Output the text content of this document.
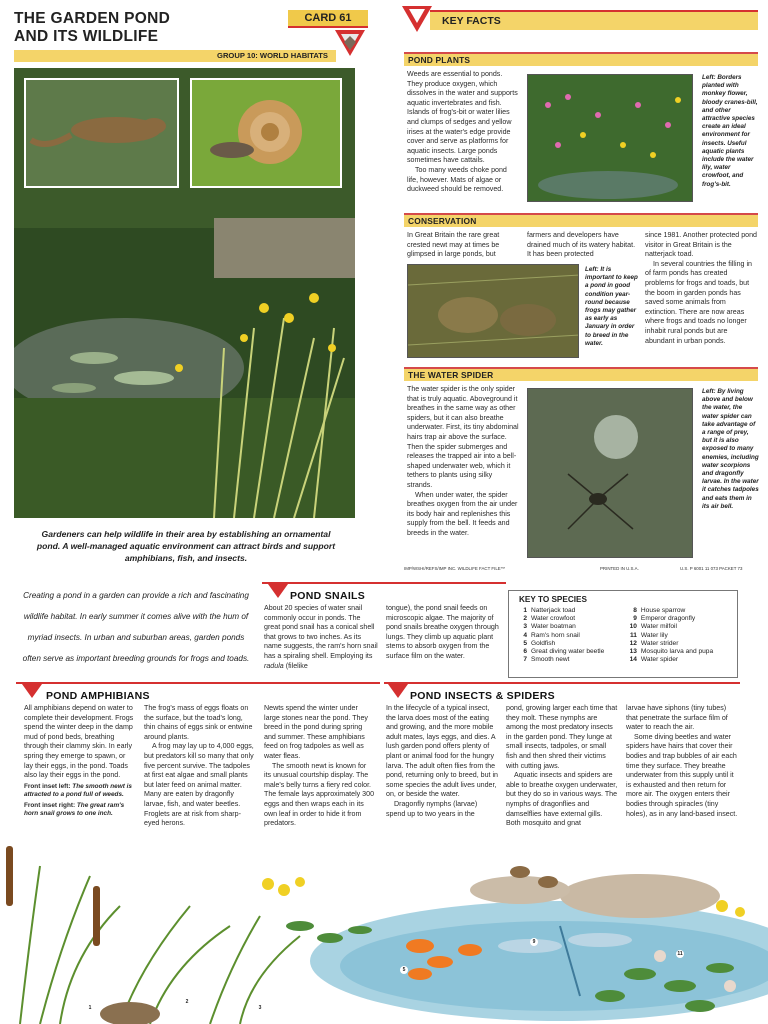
THE GARDEN POND
AND ITS WILDLIFE
CARD 61
GROUP 10: WORLD HABITATS
Gardeners can help wildlife in their area by establishing an ornamental pond. A well-managed aquatic environment can attract birds and support amphibians, fish, and insects.
Creating a pond in a garden can provide a rich and fascinating wildlife habitat. In early summer it comes alive with the hum of myriad insects. In urban and suburban areas, garden ponds often serve as important breeding grounds for frogs and toads.
KEY FACTS
POND PLANTS

Weeds are essential to ponds. They produce oxygen, which dissolves in the water and supports aquatic invertebrates and fish. Islands of frog's-bit or water lilies and clumps of sedges and yellow irises at the water's edge provide cover and serve as platforms for aquatic insects. Large ponds sometimes have cattails.

Too many weeds choke pond life, however. Mats of algae or duckweed should be removed.

Left: Borders planted with monkey flower, bloody cranes-bill, and other attractive species create an ideal environment for insects. Useful aquatic plants include the water lily, water crowfoot, and frog's-bit.
CONSERVATION
In Great Britain the rare great crested newt may at times be glimpsed in large ponds, but
farmers and developers have drained much of its watery habitat. It has been protected

since 1981. Another protected pond visitor in Great Britain is the natterjack toad.

In several countries the filling in of farm ponds has created problems for frogs and toads, but the boom in garden ponds has saved some animals from extinction. There are now areas where frogs and toads no longer inhabit rural ponds but are abundant in urban ponds.

Left: It is important to keep a pond in good condition year-round because frogs may gather as early as January in order to breed in the water.
THE WATER SPIDER

The water spider is the only spider that is truly aquatic. Aboveground it breathes in the same way as other spiders, but it can also breathe underwater. First, its tiny abdominal hairs trap air above the surface. Then the spider submerges and releases the trapped air into a bell-shaped underwater web, which it tethers to plants using silky strands.

When under water, the spider breathes oxygen from the air under its body hair and replenishes this supply from the bell. It feeds and breeds in the water.

Left: By living above and below the water, the water spider can take advantage of a range of prey, but it is also exposed to many enemies, including water scorpions and dragonfly larvae. In the water it catches tadpoles and eats them in its air bell.
IMP/WSHI/REFS/IMP INC. WILDLIFE FACT FILE™	PRINTED IN U.S.A.	U.S. P 6001 11 073 PACKET 73
POND SNAILS
About 20 species of water snail commonly occur in ponds. The great pond snail has a conical shell that grows to two inches. As its name suggests, the ram's horn snail has a spiraling shell. Employing its radula (filelike
tongue), the pond snail feeds on microscopic algae. The majority of pond snails breathe oxygen through lungs. They climb up aquatic plant stems to absorb oxygen from the surface film on the water.
KEY TO SPECIES
1 Natterjack toad
2 Water crowfoot
3 Water boatman
4 Ram's horn snail
5 Goldfish
6 Great diving water beetle
7 Smooth newt
8 House sparrow
9 Emperor dragonfly
10 Water milfoil
11 Water lily
12 Water strider
13 Mosquito larva and pupa
14 Water spider
POND AMPHIBIANS
All amphibians depend on water to complete their development. Frogs spend the winter deep in the damp mud of pond beds, breathing through their clammy skin. In early spring they emerge to spawn, or lay their eggs, in the pond. Toads also lay their eggs in the pond.
Front inset left: The smooth newt is attracted to a pond full of weeds.
Front inset right: The great ram's horn snail grows to one inch.

The frog's mass of eggs floats on the surface, but the toad's long, thin chains of eggs sink or entwine around plants.

A frog may lay up to 4,000 eggs, but predators kill so many that only five percent survive. The tadpoles at first eat algae and small plants but later feed on animal matter. Many are eaten by dragonfly larvae, fish, and water beetles. Froglets are at risk from sharp-eyed herons.

Newts spend the winter under large stones near the pond. They breed in the pond during spring and summer. These amphibians feed on frog tadpoles as well as water fleas.

The smooth newt is known for its unusual courtship display. The male's belly turns a fiery red color. The female lays approximately 300 eggs and then wraps each in its own leaf in order to hide it from predators.

POND INSECTS & SPIDERS

In the lifecycle of a typical insect, the larva does most of the eating and growing, and the more mobile adult mates, lays eggs, and dies. A lush garden pond offers plenty of plant or animal food for the hungry larva. The adult often flies from the pond, returning only to breed, but in some species the adult lives under, on, or beside the water.

Dragonfly nymphs (larvae) spend up to two years in the

pond, growing larger each time that they molt. These nymphs are among the most predatory insects in the garden pond. They lunge at small insects, tadpoles, or small fish and then shred their victims with cutting jaws.

Aquatic insects and spiders are able to breathe oxygen underwater, but they do so in various ways. The nymphs of dragonflies and damselflies have external gills. Both mosquito and gnat

larvae have siphons (tiny tubes) that penetrate the surface film of water to reach the air.

Some diving beetles and water spiders have hairs that cover their bodies and trap bubbles of air each time they surface. They breathe underwater from this supply until it is exhausted and then return for more air. The oxygen enters their bodies through spiracles (tiny holes), as in any land-based insect.

1
2
3
5
9
11
